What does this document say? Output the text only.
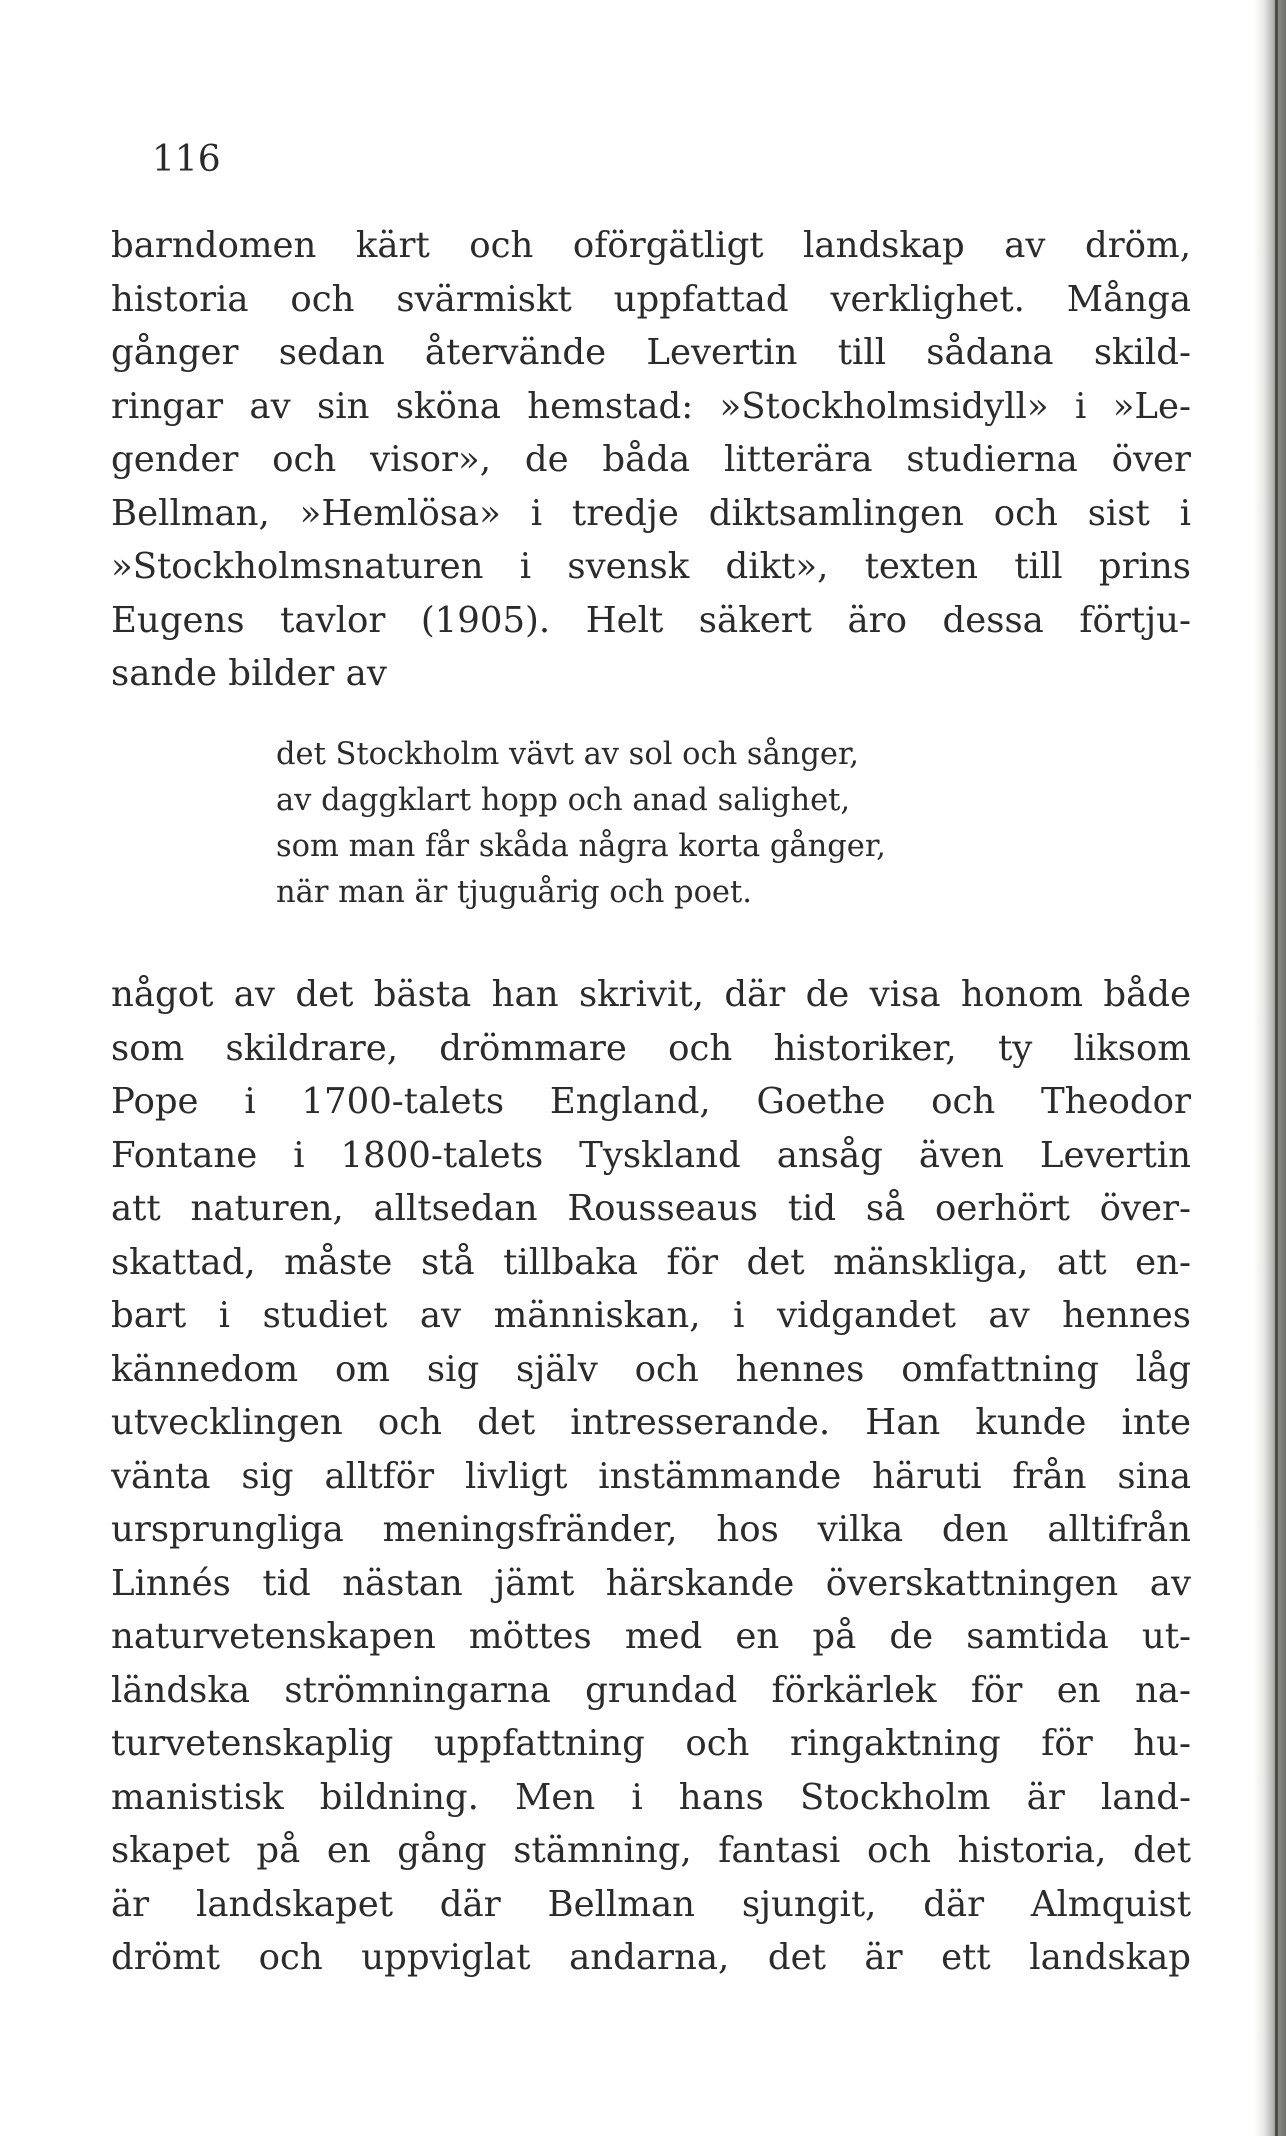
116
barndomen kärt och oförgätligt landskap av dröm,
historia och svärmiskt uppfattad verklighet. Många
gånger sedan återvände Levertin till sådana skild-
ringar av sin sköna hemstad: »Stockholmsidyll» i »Le-
gender och visor», de båda litterära studierna över
Bellman, »Hemlösa» i tredje diktsamlingen och sist i
»Stockholmsnaturen i svensk dikt», texten till prins
Eugens tavlor (1905). Helt säkert äro dessa förtju-
sande bilder av
det Stockholm vävt av sol och sånger,
av daggklart hopp och anad salighet,
som man får skåda några korta gånger,
när man är tjuguårig och poet.
något av det bästa han skrivit, där de visa honom både
som skildrare, drömmare och historiker, ty liksom
Pope i 1700-talets England, Goethe och Theodor
Fontane i 1800-talets Tyskland ansåg även Levertin
att naturen, alltsedan Rousseaus tid så oerhört över-
skattad, måste stå tillbaka för det mänskliga, att en-
bart i studiet av människan, i vidgandet av hennes
kännedom om sig själv och hennes omfattning låg
utvecklingen och det intresserande. Han kunde inte
vänta sig alltför livligt instämmande häruti från sina
ursprungliga meningsfränder, hos vilka den alltifrån
Linnés tid nästan jämt härskande överskattningen av
naturvetenskapen möttes med en på de samtida ut-
ländska strömningarna grundad förkärlek för en na-
turvetenskaplig uppfattning och ringaktning för hu-
manistisk bildning. Men i hans Stockholm är land-
skapet på en gång stämning, fantasi och historia, det
är landskapet där Bellman sjungit, där Almquist
drömt och uppviglat andarna, det är ett landskap
